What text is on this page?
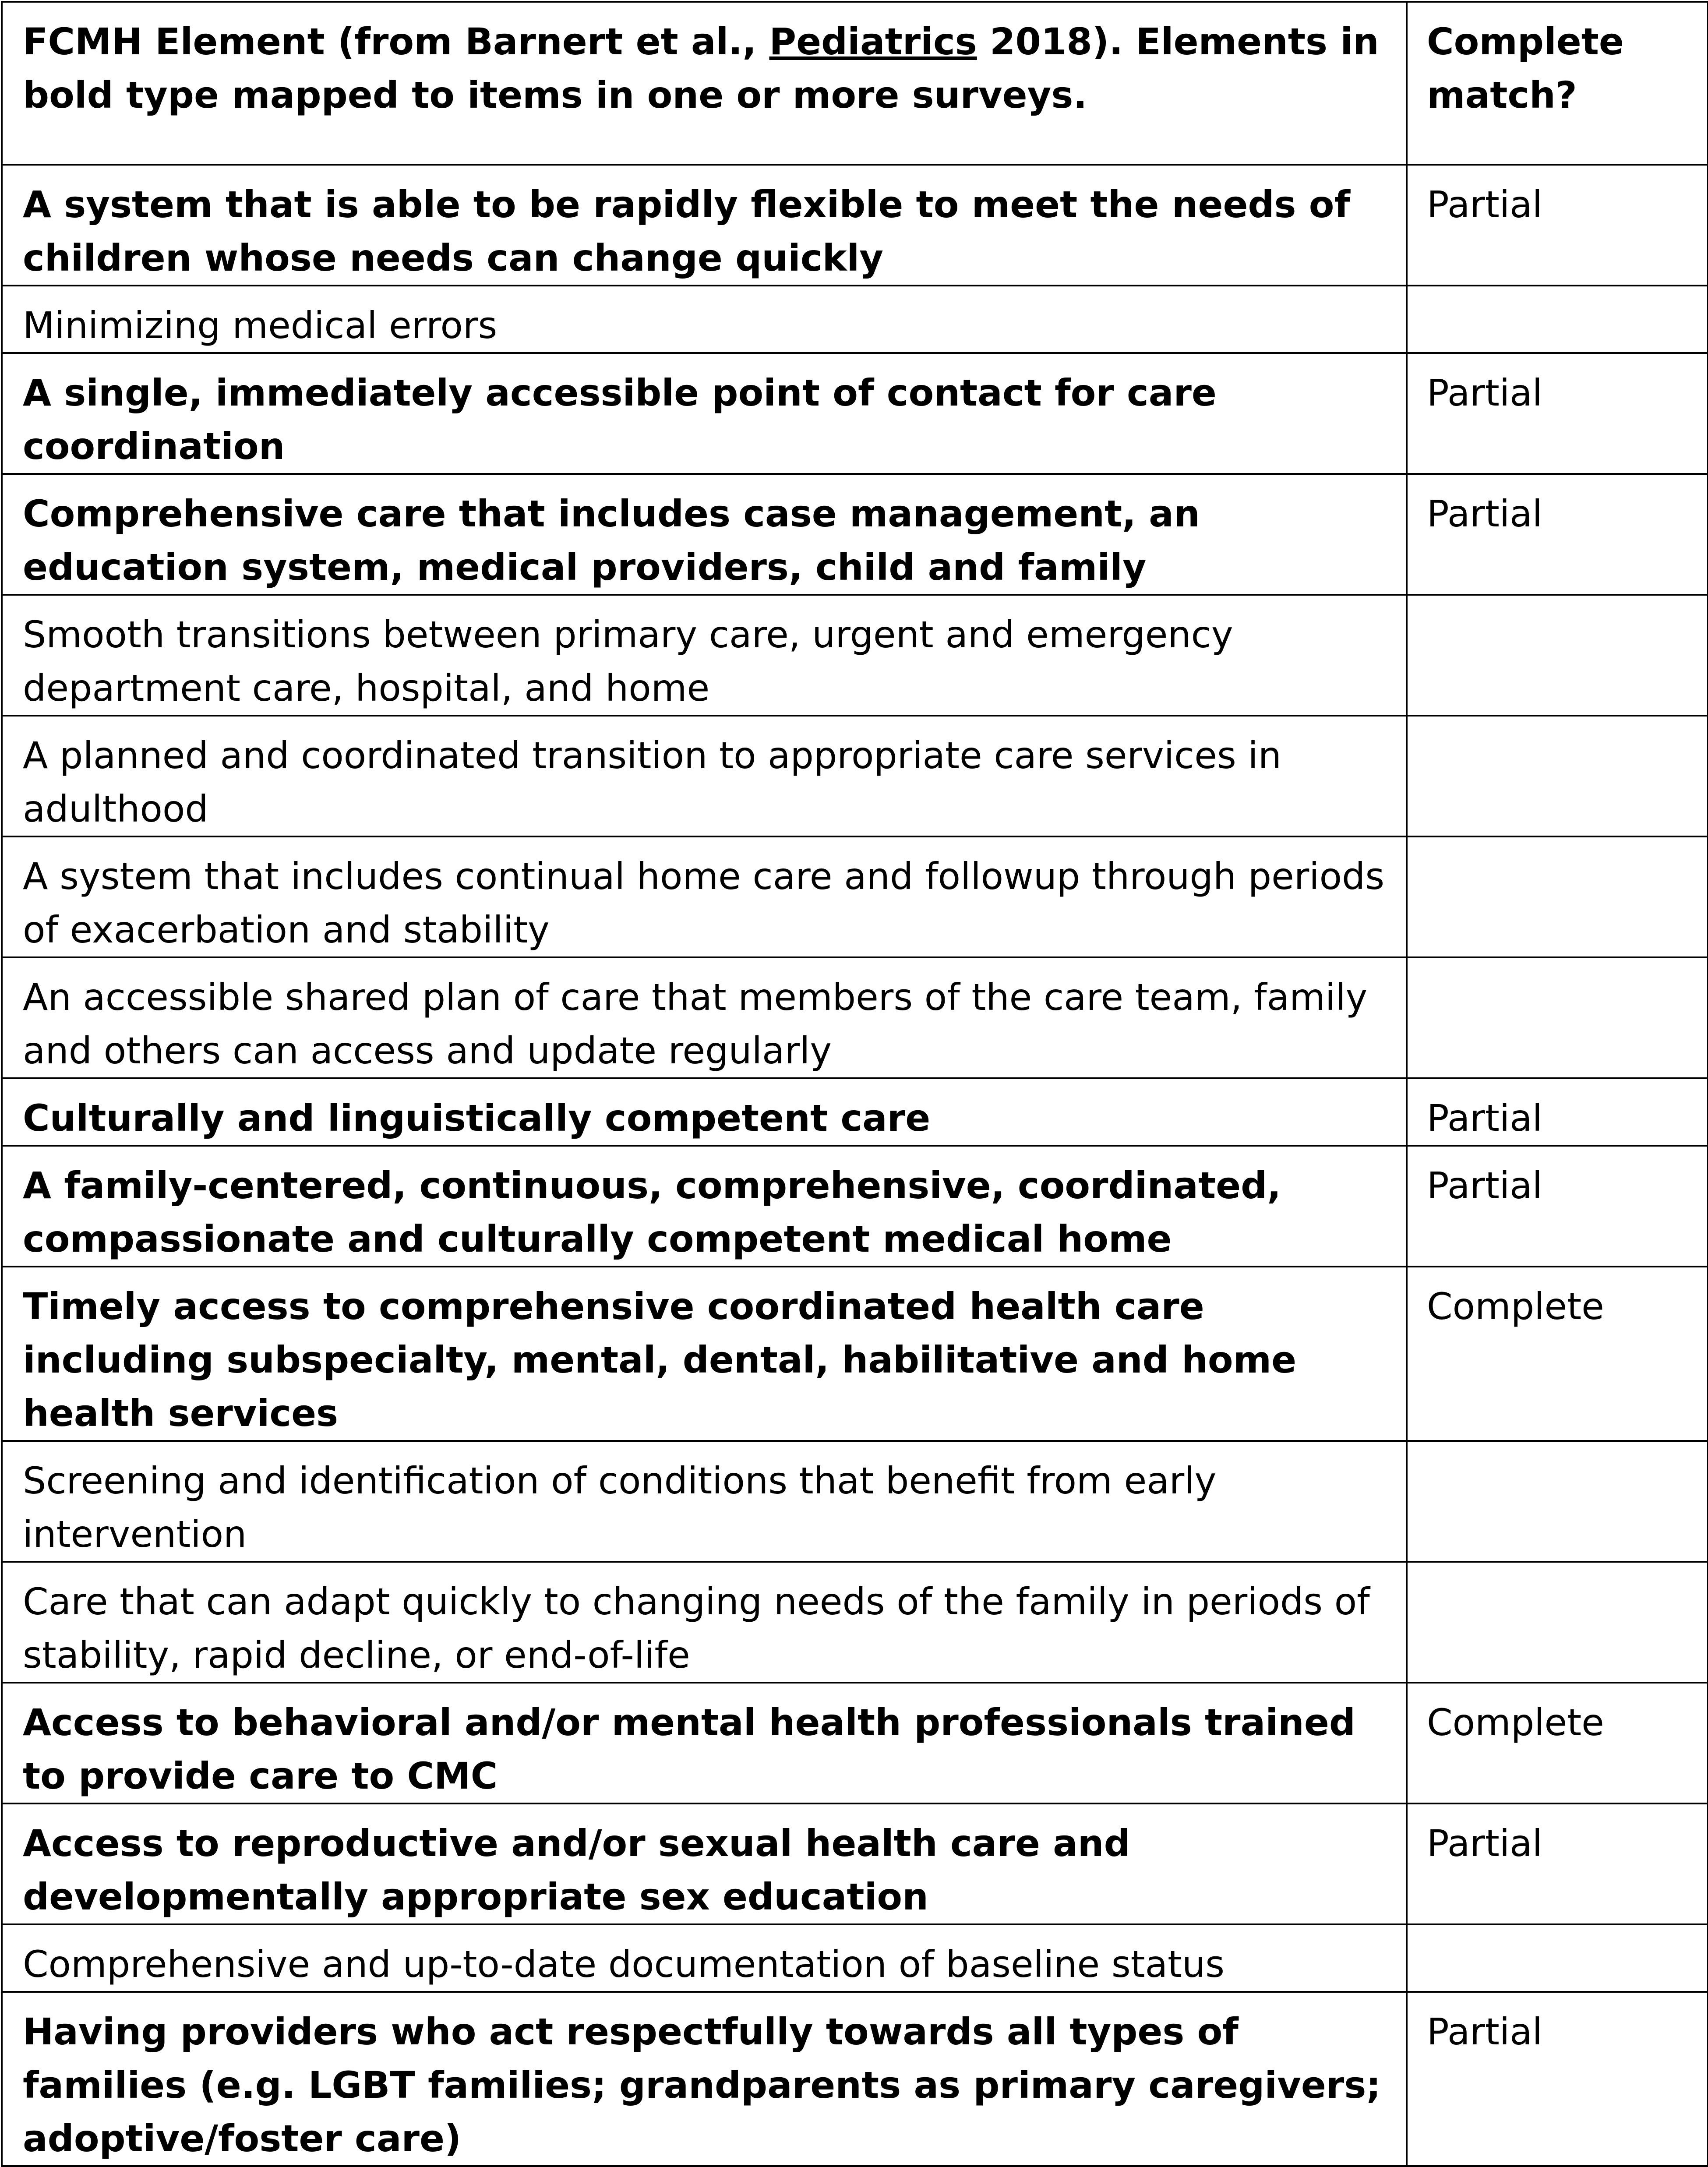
FCMH Element (from Barnert et al., Pediatrics 2018). Elements in bold type mapped to items in one or more surveys.	Complete match?
A system that is able to be rapidly flexible to meet the needs of children whose needs can change quickly	Partial
Minimizing medical errors	
A single, immediately accessible point of contact for care coordination	Partial
Comprehensive care that includes case management, an education system, medical providers, child and family	Partial
Smooth transitions between primary care, urgent and emergency department care, hospital, and home	
A planned and coordinated transition to appropriate care services in adulthood	
A system that includes continual home care and followup through periods of exacerbation and stability	
An accessible shared plan of care that members of the care team, family and others can access and update regularly	
Culturally and linguistically competent care	Partial
A family-centered, continuous, comprehensive, coordinated, compassionate and culturally competent medical home	Partial
Timely access to comprehensive coordinated health care including subspecialty, mental, dental, habilitative and home health services	Complete
Screening and identification of conditions that benefit from early intervention	
Care that can adapt quickly to changing needs of the family in periods of stability, rapid decline, or end-of-life	
Access to behavioral and/or mental health professionals trained to provide care to CMC	Complete
Access to reproductive and/or sexual health care and developmentally appropriate sex education	Partial
Comprehensive and up-to-date documentation of baseline status	
Having providers who act respectfully towards all types of families (e.g. LGBT families; grandparents as primary caregivers; adoptive/foster care)	Partial
